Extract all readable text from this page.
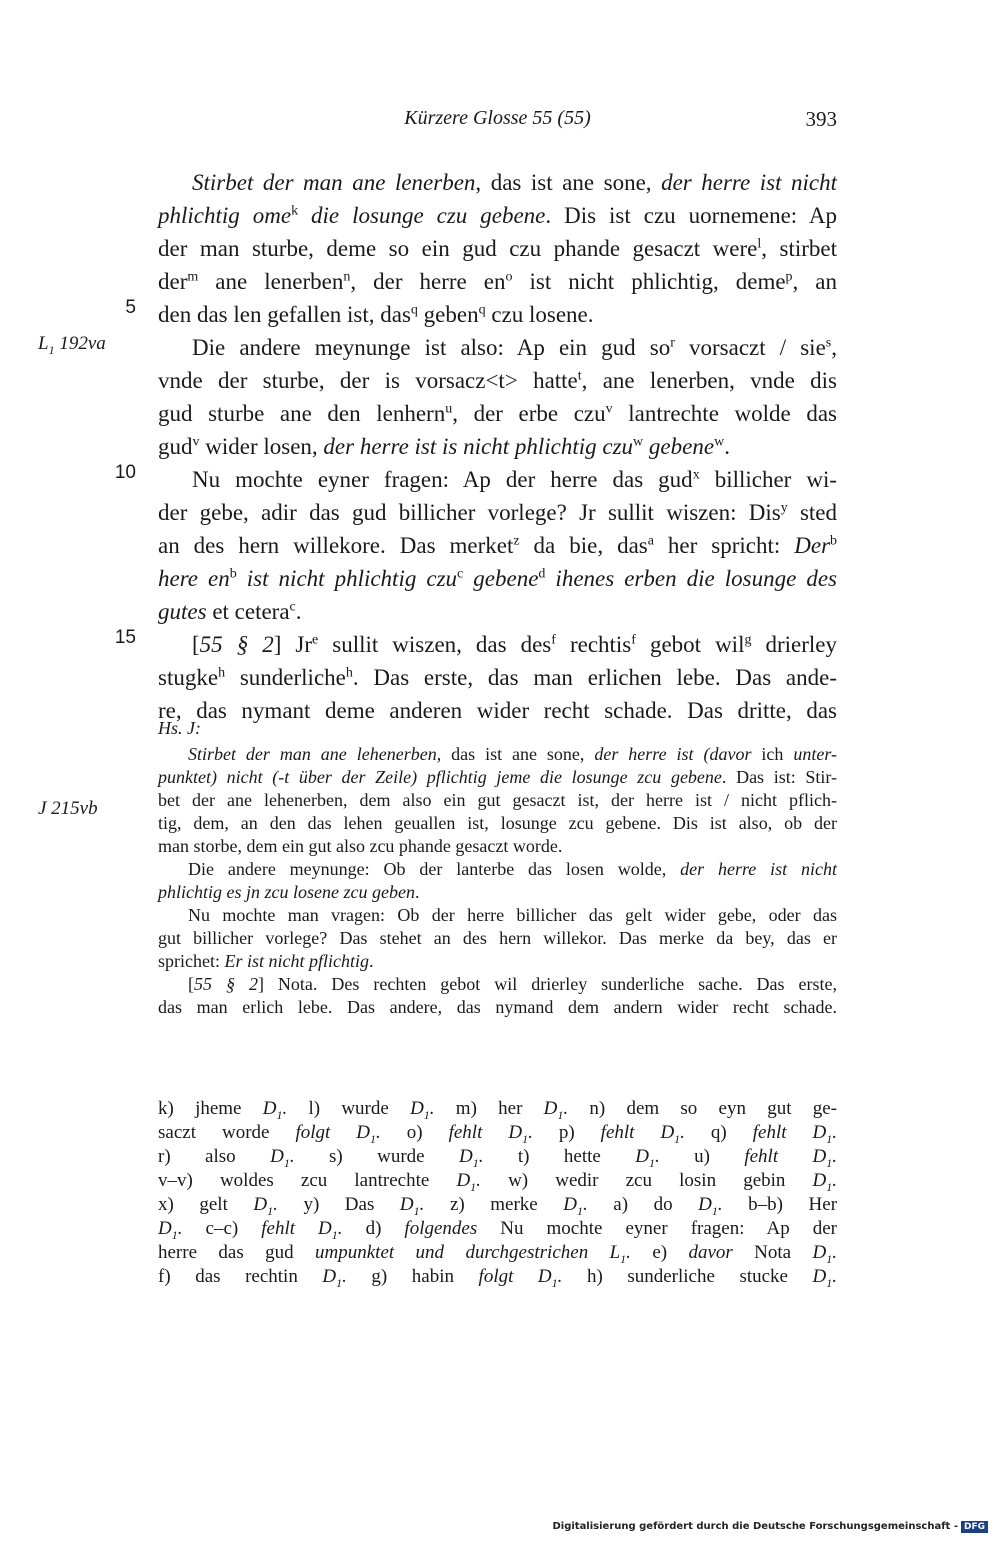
Kürzere Glosse 55 (55)	393
5
10
15
$L_1$ 192va
J 215vb
Stirbet der man ane lenerben, das ist ane sone, der herre ist nicht
phlichtig ome$^k$ die losunge czu gebene. Dis ist czu uornemene: Ap
der man sturbe, deme so ein gud czu phande gesaczt were$^l$, stirbet
der$^m$ ane lenerben$^n$, der herre $en^o$ ist nicht phlichtig, deme$^p$, an
den das len gefallen ist, das$^q$ geben$^q$ czu losene.
Die andere meynunge ist also: Ap ein gud $so^r$ vorsaczt / sie$^s$,
vnde der sturbe, der is vorsacz<t> hatte$^t$, ane lenerben, vnde dis
gud sturbe ane den lenhern$^u$, der erbe czu$^v$ lantrechte wolde das
gud$^v$ wider losen, der herre ist is nicht phlichtig czu$^w$ gebene$^w$.
Nu mochte eyner fragen: Ap der herre das gud$^x$ billicher wi-
der gebe, adir das gud billicher vorlege? Jr sullit wiszen: Dis$^y$ sted
an des hern willekore. Das merket$^z$ da bie, das$^a$ her spricht: Der$^b$
here $en^b$ ist nicht phlichtig czu$^c$ gebene$^d$ ihenes erben die losunge des
gutes et cetera$^c$.
[55 § 2] Jr$^e$ sullit wiszen, das des$^f$ rechtis$^f$ gebot wil$^g$ drierley
stugke$^h$ sunderliche$^h$. Das erste, das man erlichen lebe. Das ande-
re, das nymant deme anderen wider recht schade. Das dritte, das
Hs. J:
Stirbet der man ane lehenerben, das ist ane sone, der herre ist (davor ich unter-
punktet) nicht (-t über der Zeile) pflichtig jeme die losunge zcu gebene. Das ist: Stir-
bet der ane lehenerben, dem also ein gut gesaczt ist, der herre ist / nicht pflich-
tig, dem, an den das lehen geuallen ist, losunge zcu gebene. Dis ist also, ob der
man storbe, dem ein gut also zcu phande gesaczt worde.
Die andere meynunge: Ob der lanterbe das losen wolde, der herre ist nicht
phlichtig es jn zcu losene zcu geben.
Nu mochte man vragen: Ob der herre billicher das gelt wider gebe, oder das
gut billicher vorlege? Das stehet an des hern willekor. Das merke da bey, das er
sprichet: Er ist nicht pflichtig.
[55 § 2] Nota. Des rechten gebot wil drierley sunderliche sache. Das erste,
das man erlich lebe. Das andere, das nymand dem andern wider recht schade.
k) jheme $D_1$. l) wurde $D_1$. m) her $D_1$. n) dem so eyn gut ge-
saczt worde folgt $D_1$. o) fehlt $D_1$. p) fehlt $D_1$. q) fehlt $D_1$.
r) also $D_1$. s) wurde $D_1$. t) hette $D_1$. u) fehlt $D_1$.
v–v) woldes zcu lantrechte $D_1$. w) wedir zcu losin gebin $D_1$.
x) gelt $D_1$. y) Das $D_1$. z) merke $D_1$. a) do $D_1$. b–b) Her
$D_1$. c–c) fehlt $D_1$. d) folgendes Nu mochte eyner fragen: Ap der
herre das gud umpunktet und durchgestrichen $L_1$. e) davor Nota $D_1$.
f) das rechtin $D_1$. g) habin folgt $D_1$. h) sunderliche stucke $D_1$.
Digitalisierung gefördert durch die Deutsche Forschungsgemeinschaft - DFG
